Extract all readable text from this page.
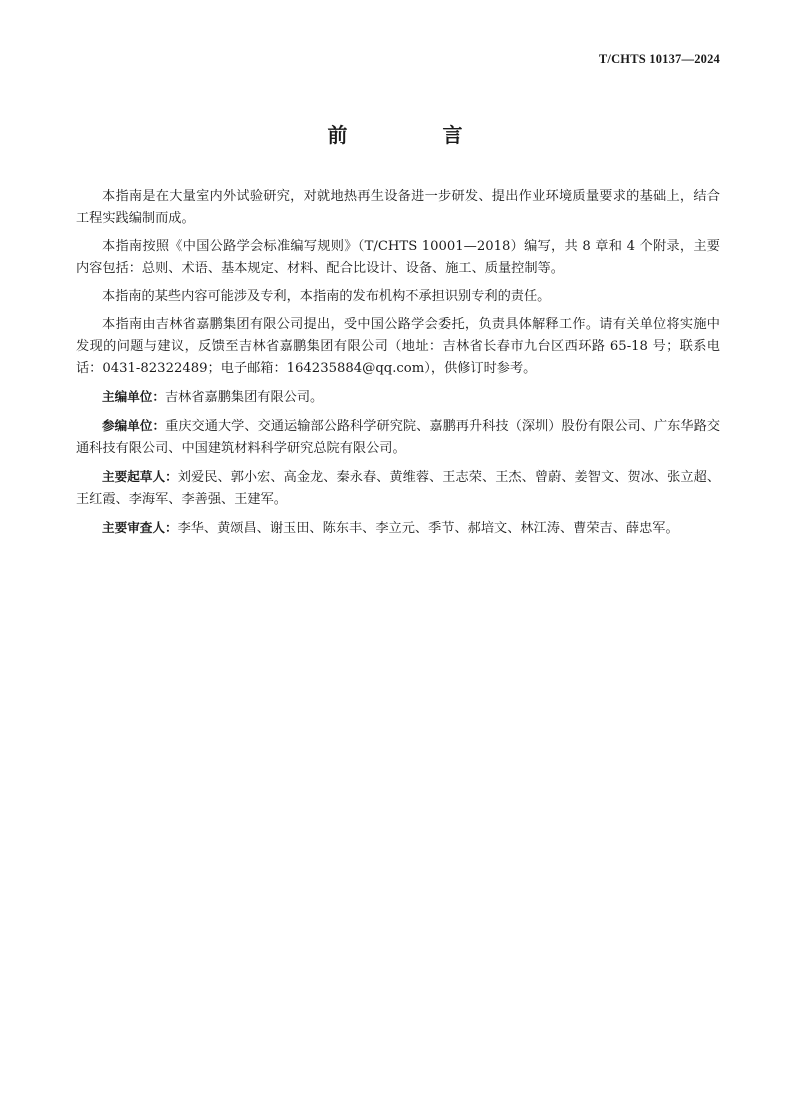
T/CHTS 10137—2024
前 言

本指南是在大量室内外试验研究，对就地热再生设备进一步研发、提出作业环境质量要求的基础上，结合工程实践编制而成。

本指南按照《中国公路学会标准编写规则》（T/CHTS 10001—2018）编写，共 8 章和 4 个附录，主要内容包括：总则、术语、基本规定、材料、配合比设计、设备、施工、质量控制等。

本指南的某些内容可能涉及专利，本指南的发布机构不承担识别专利的责任。

本指南由吉林省嘉鹏集团有限公司提出，受中国公路学会委托，负责具体解释工作。请有关单位将实施中发现的问题与建议，反馈至吉林省嘉鹏集团有限公司（地址：吉林省长春市九台区西环路 65-18 号；联系电话：0431-82322489；电子邮箱：164235884@qq.com），供修订时参考。

主编单位：吉林省嘉鹏集团有限公司。

参编单位：重庆交通大学、交通运输部公路科学研究院、嘉鹏再升科技（深圳）股份有限公司、广东华路交通科技有限公司、中国建筑材料科学研究总院有限公司。

主要起草人：刘爱民、郭小宏、高金龙、秦永春、黄维蓉、王志荣、王杰、曾蔚、姜智文、贺冰、张立超、王红霞、李海军、李善强、王建军。

主要审查人：李华、黄颂昌、谢玉田、陈东丰、李立元、季节、郝培文、林江涛、曹荣吉、薛忠军。
